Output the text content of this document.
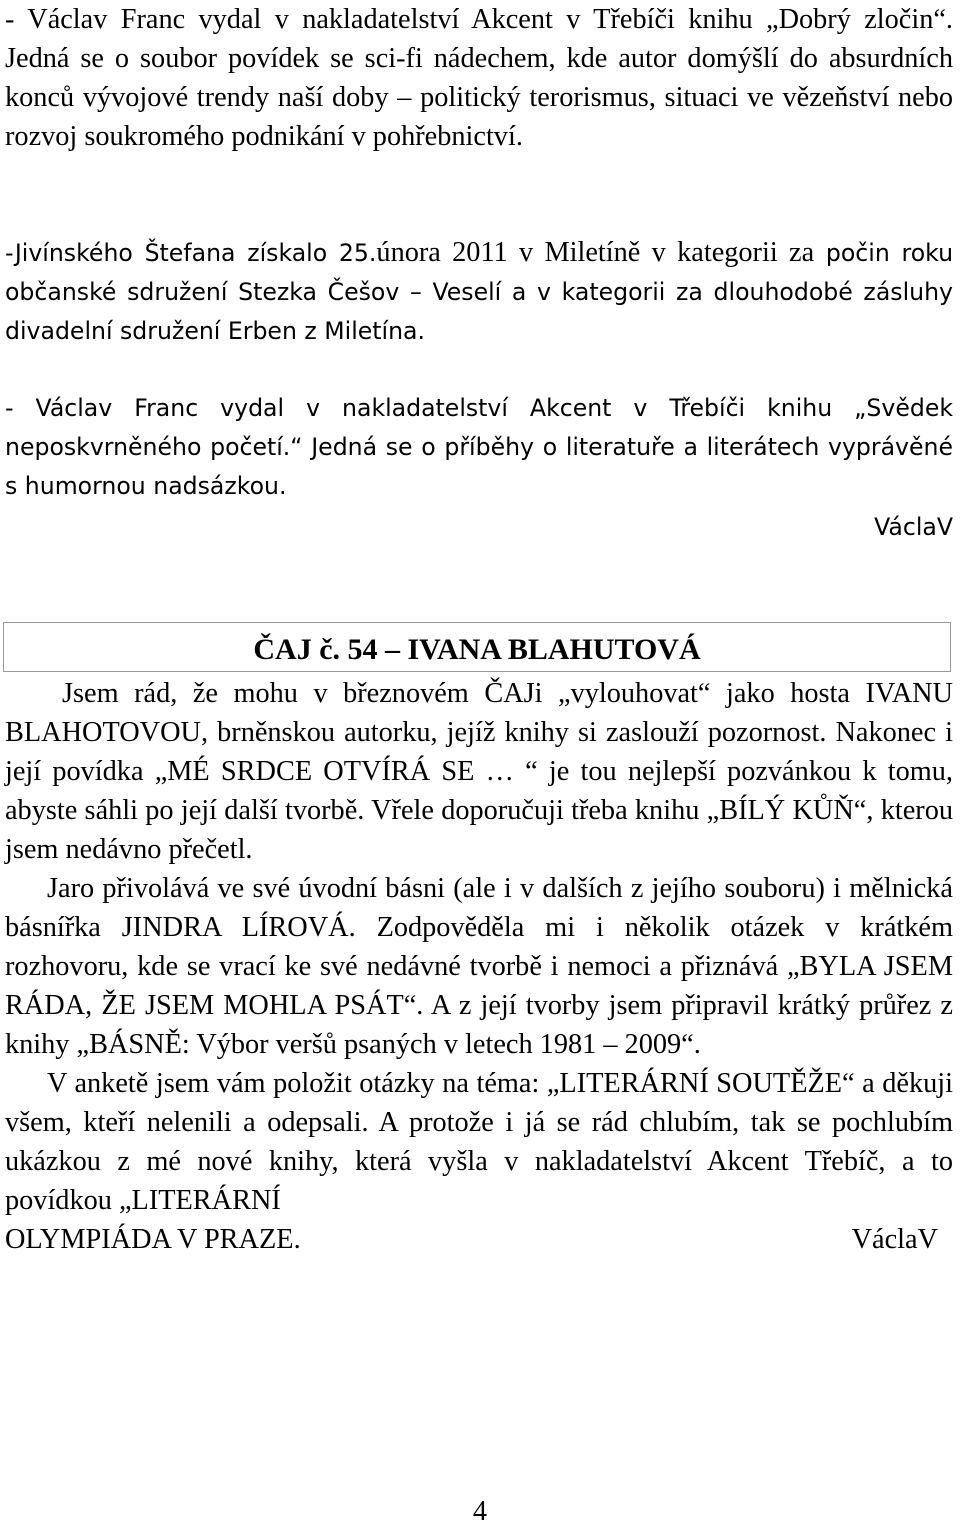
- Václav Franc vydal v nakladatelství Akcent v Třebíči knihu „Dobrý zločin“. Jedná se o soubor povídek se sci-fi nádechem, kde autor domýšlí do absurdních konců vývojové trendy naší doby – politický terorismus, situaci ve vězeňství nebo rozvoj soukromého podnikání v pohřebnictví.

-Jivínského Štefana získalo 25.února 2011 v Miletíně v kategorii za počin roku občanské sdružení Stezka Češov – Veselí a v kategorii za dlouhodobé zásluhy divadelní sdružení Erben z Miletína.

- Václav Franc vydal v nakladatelství Akcent v Třebíči knihu „Svědek neposkvrněného početí.“ Jedná se o příběhy o literatuře a literátech vyprávěné s humornou nadsázkou.

VáclaV

ČAJ č. 54 – IVANA BLAHUTOVÁ

Jsem rád, že mohu v březnovém ČAJi „vylouhovat“ jako hosta IVANU BLAHOTOVOU, brněnskou autorku, jejíž knihy si zaslouží pozornost. Nakonec i její povídka „MÉ SRDCE OTVÍRÁ SE … “ je tou nejlepší pozvánkou k tomu, abyste sáhli po její další tvorbě. Vřele doporučuji třeba knihu „BÍLÝ KŮŇ“, kterou jsem nedávno přečetl.

Jaro přivolává ve své úvodní básni (ale i v dalších z jejího souboru) i mělnická básnířka JINDRA LÍROVÁ. Zodpověděla mi i několik otázek v krátkém rozhovoru, kde se vrací ke své nedávné tvorbě i nemoci a přiznává „BYLA JSEM RÁDA, ŽE JSEM MOHLA PSÁT“. A z její tvorby jsem připravil krátký průřez z knihy „BÁSNĚ: Výbor veršů psaných v letech 1981 – 2009“.

V anketě jsem vám položit otázky na téma: „LITERÁRNÍ SOUTĚŽE“ a děkuji všem, kteří nelenili a odepsali. A protože i já se rád chlubím, tak se pochlubím ukázkou z mé nové knihy, která vyšla v nakladatelství Akcent Třebíč, a to povídkou „LITERÁRNÍ

OLYMPIÁDA V PRAZE.	VáclaV
4
